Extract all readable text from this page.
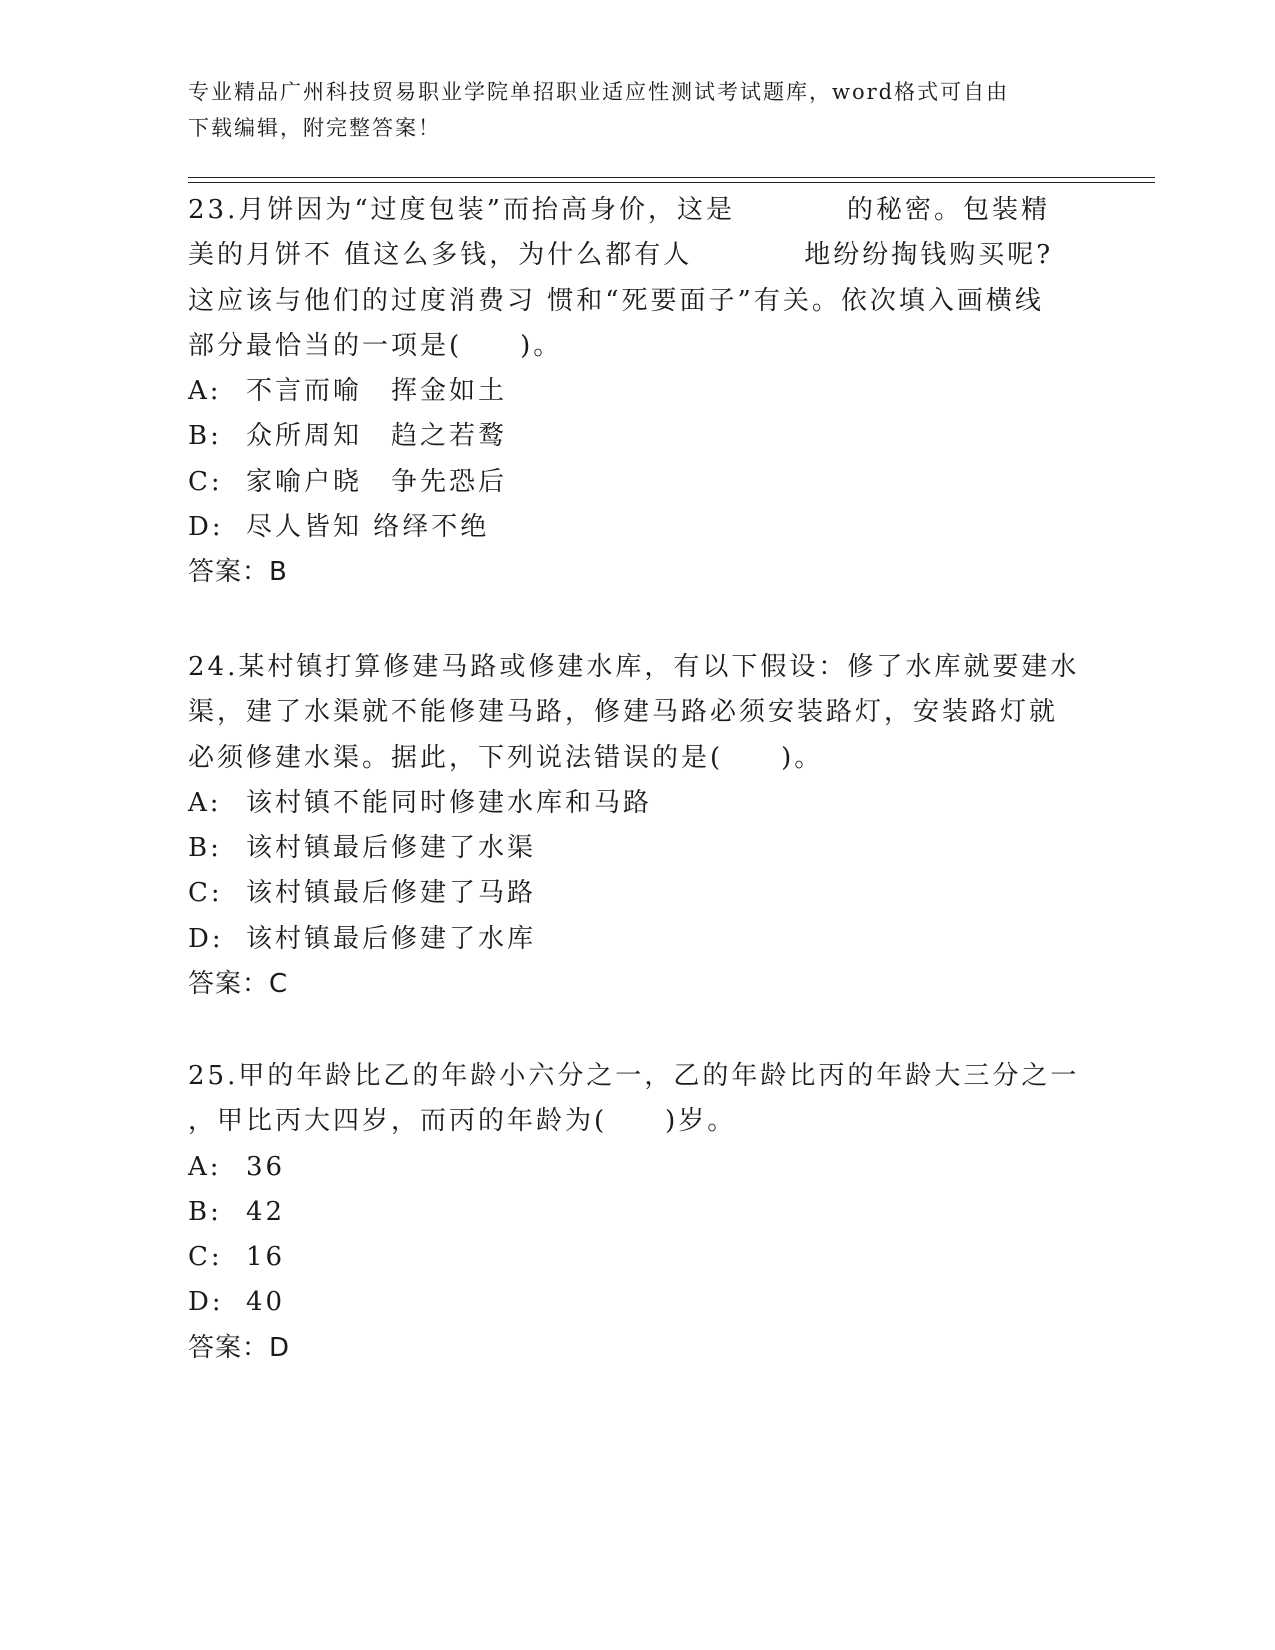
专业精品广州科技贸易职业学院单招职业适应性测试考试题库，word格式可自由
下载编辑，附完整答案！
23.月饼因为“过度包装”而抬高身价，这是	的秘密。包装精
美的月饼不 值这么多钱，为什么都有人	地纷纷掏钱购买呢?
这应该与他们的过度消费习 惯和“死要面子”有关。依次填入画横线
部分最恰当的一项是(　　)。
A: 不言而喻　挥金如土
B: 众所周知　趋之若鹜
C: 家喻户晓　争先恐后
D: 尽人皆知 络绎不绝
答案：B
24.某村镇打算修建马路或修建水库，有以下假设：修了水库就要建水
渠，建了水渠就不能修建马路，修建马路必须安装路灯，安装路灯就
必须修建水渠。据此，下列说法错误的是(　　)。
A: 该村镇不能同时修建水库和马路
B: 该村镇最后修建了水渠
C: 该村镇最后修建了马路
D: 该村镇最后修建了水库
答案：C
25.甲的年龄比乙的年龄小六分之一，乙的年龄比丙的年龄大三分之一
，甲比丙大四岁，而丙的年龄为(　　)岁。
A: 36
B: 42
C: 16
D: 40
答案：D
